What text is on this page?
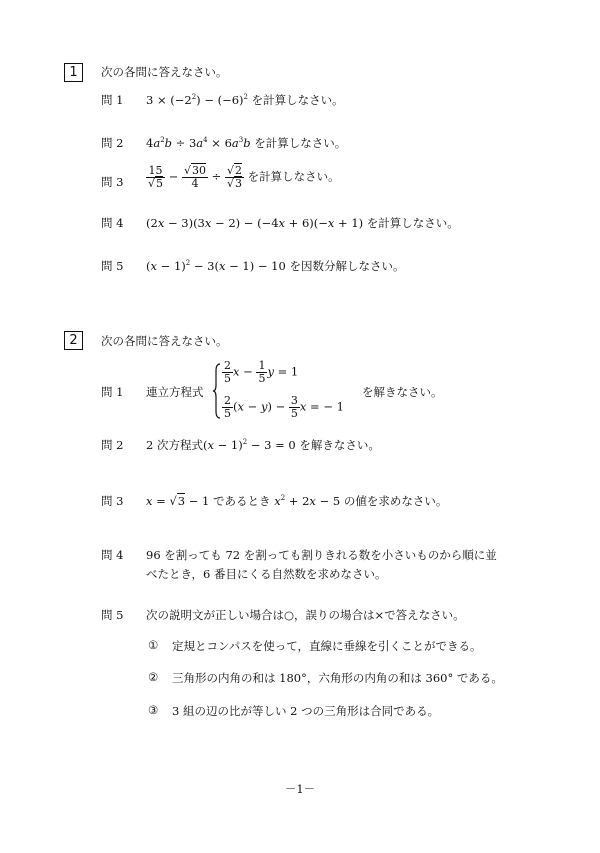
1	次の各問に答えなさい。
問 1 $3 \times (-2^2) - (-6)^2$ を計算しなさい。
問 2 $4a^2b \div 3a^4 \times 6a^3b$ を計算しなさい。
問 $3 \frac{15}{√5} - \frac{√30}{4} \div \frac{√2}{√3}$ を計算しなさい。
問 4 (2x − 3)(3x − 2) − (−4x + 6)(−x + 1) を計算しなさい。
問 5 $(x - 1)^2 - 3(x - 1) - 10$ を因数分解しなさい。
2	次の各問に答えなさい。
問 1 連立方程式
$\frac{2}{5}$ $x - \frac{1}{5}$ y = 1
$\frac{2}{5} (x - y) - \frac{3}{5}$ x = − 1
を解きなさい。
問 2 2 次方程式$(x - 1)^2 - 3 = 0$ を解きなさい。
問 3 x = √3 − 1 であるとき $x^2 + 2x - 5$ の値を求めなさい。
問 4 96 を割っても 72 を割っても割りきれる数を小さいものから順に並
べたとき，6 番目にくる自然数を求めなさい。
問 5 次の説明文が正しい場合は○，誤りの場合は×で答えなさい。
① 定規とコンパスを使って，直線に垂線を引くことができる。
② 三角形の内角の和は 180°，六角形の内角の和は 360° である。
③ 3 組の辺の比が等しい 2 つの三角形は合同である。
－1－
